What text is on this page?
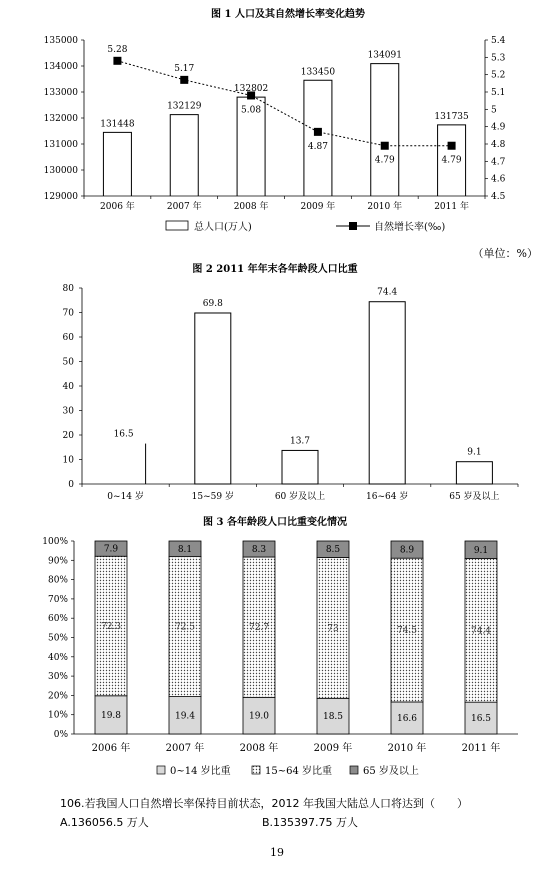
图 1 人口及其自然增长率变化趋势
129000
130000
131000
132000
133000
134000
135000
4.5
4.6
4.7
4.8
4.9
5
5.1
5.2
5.3
5.4
2006 年	2007 年	2008 年	2009 年	2010 年	2011 年
131448
132129
132802
133450
134091
131735
5.28
5.17
5.08
4.87
4.79	4.79
总人口(万人)	自然增长率(‰)
（单位：%）
图 2 2011 年年末各年龄段人口比重
0
10
20
30
40
50
60
70
80
0~14 岁	15~59 岁	60 岁及以上	16~64 岁	65 岁及以上
16.5
69.8
13.7
74.4
9.1
图 3 各年龄段人口比重变化情况
0%
10%
20%
30%
40%
50%
60%
70%
80%
90%
100%
2006 年	2007 年	2008 年	2009 年	2010 年	2011 年
19.8
72.3
7.9
19.4
72.5
8.1
19.0
72.7
8.3
18.5
73
8.5
16.6
74.5
8.9
16.5
74.4
9.1
0~14 岁比重	15~64 岁比重	65 岁及以上
106.若我国人口自然增长率保持目前状态，2012 年我国大陆总人口将达到（　　）
A.136056.5 万人	B.135397.75 万人
19
